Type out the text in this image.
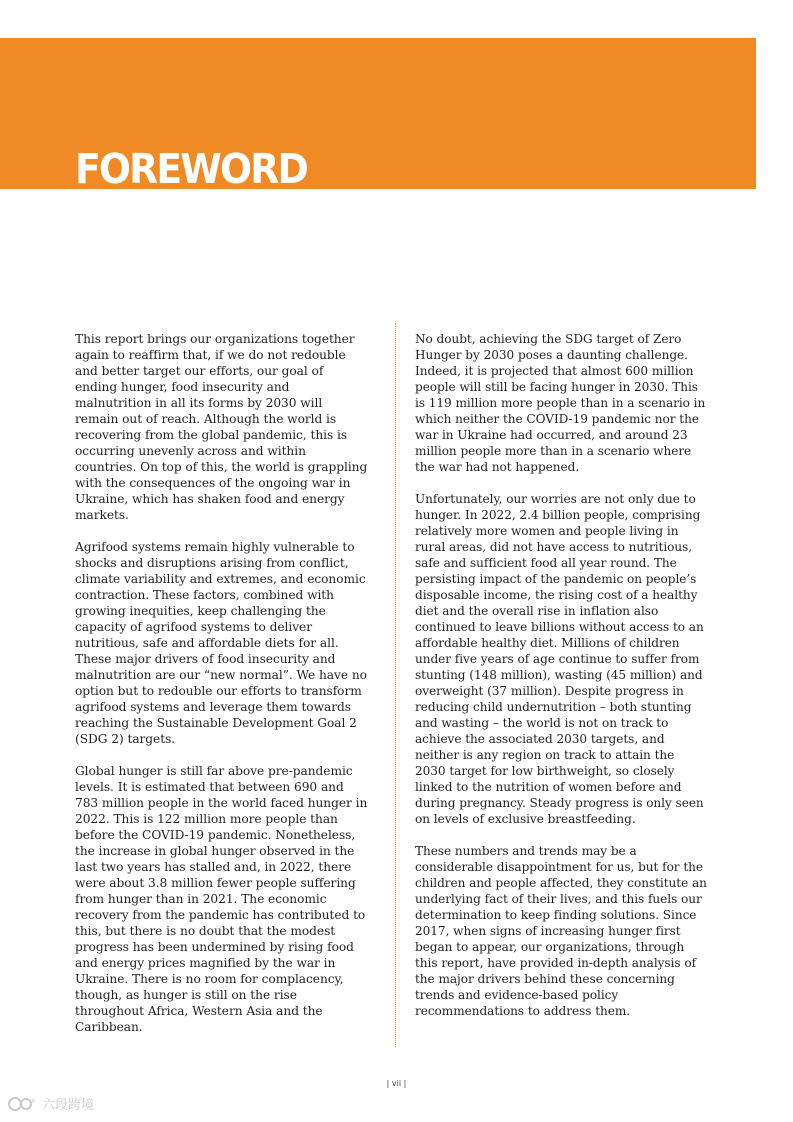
FOREWORD

This report brings our organizations together again to reaffirm that, if we do not redouble and better target our efforts, our goal of ending hunger, food insecurity and malnutrition in all its forms by 2030 will remain out of reach. Although the world is recovering from the global pandemic, this is occurring unevenly across and within countries. On top of this, the world is grappling with the consequences of the ongoing war in Ukraine, which has shaken food and energy markets.

Agrifood systems remain highly vulnerable to shocks and disruptions arising from conflict, climate variability and extremes, and economic contraction. These factors, combined with growing inequities, keep challenging the capacity of agrifood systems to deliver nutritious, safe and affordable diets for all. These major drivers of food insecurity and malnutrition are our “new normal”. We have no option but to redouble our efforts to transform agrifood systems and leverage them towards reaching the Sustainable Development Goal 2 (SDG 2) targets.

Global hunger is still far above pre-pandemic levels. It is estimated that between 690 and 783 million people in the world faced hunger in 2022. This is 122 million more people than before the COVID-19 pandemic. Nonetheless, the increase in global hunger observed in the last two years has stalled and, in 2022, there were about 3.8 million fewer people suffering from hunger than in 2021. The economic recovery from the pandemic has contributed to this, but there is no doubt that the modest progress has been undermined by rising food and energy prices magnified by the war in Ukraine. There is no room for complacency, though, as hunger is still on the rise throughout Africa, Western Asia and the Caribbean.

No doubt, achieving the SDG target of Zero Hunger by 2030 poses a daunting challenge. Indeed, it is projected that almost 600 million people will still be facing hunger in 2030. This is 119 million more people than in a scenario in which neither the COVID-19 pandemic nor the war in Ukraine had occurred, and around 23 million people more than in a scenario where the war had not happened.

Unfortunately, our worries are not only due to hunger. In 2022, 2.4 billion people, comprising relatively more women and people living in rural areas, did not have access to nutritious, safe and sufficient food all year round. The persisting impact of the pandemic on people’s disposable income, the rising cost of a healthy diet and the overall rise in inflation also continued to leave billions without access to an affordable healthy diet. Millions of children under five years of age continue to suffer from stunting (148 million), wasting (45 million) and overweight (37 million). Despite progress in reducing child undernutrition – both stunting and wasting – the world is not on track to achieve the associated 2030 targets, and neither is any region on track to attain the 2030 target for low birthweight, so closely linked to the nutrition of women before and during pregnancy. Steady progress is only seen on levels of exclusive breastfeeding.

These numbers and trends may be a considerable disappointment for us, but for the children and people affected, they constitute an underlying fact of their lives, and this fuels our determination to keep finding solutions. Since 2017, when signs of increasing hunger first began to appear, our organizations, through this report, have provided in-depth analysis of the major drivers behind these concerning trends and evidence-based policy recommendations to address them.

| vii |
® 六段跨境
